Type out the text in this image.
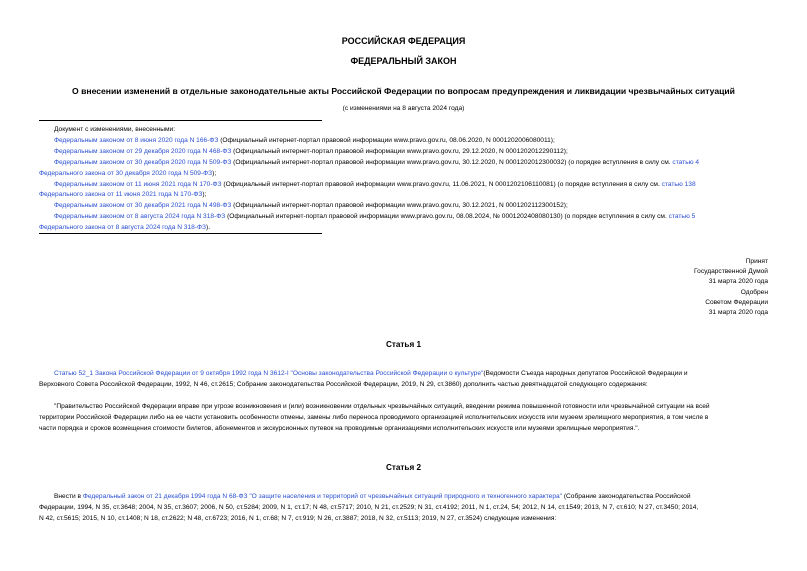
РОССИЙСКАЯ ФЕДЕРАЦИЯ
ФЕДЕРАЛЬНЫЙ ЗАКОН
О внесении изменений в отдельные законодательные акты Российской Федерации по вопросам предупреждения и ликвидации чрезвычайных ситуаций
(с изменениями на 8 августа 2024 года)
Документ с изменениями, внесенными:
Федеральным законом от 8 июня 2020 года N 166-ФЗ (Официальный интернет-портал правовой информации www.pravo.gov.ru, 08.06.2020, N 0001202006080011);
Федеральным законом от 29 декабря 2020 года N 468-ФЗ (Официальный интернет-портал правовой информации www.pravo.gov.ru, 29.12.2020, N 0001202012290112);
Федеральным законом от 30 декабря 2020 года N 509-ФЗ (Официальный интернет-портал правовой информации www.pravo.gov.ru, 30.12.2020, N 0001202012300032) (о порядке вступления в силу см. статью 4
Федерального закона от 30 декабря 2020 года N 509-ФЗ);
Федеральным законом от 11 июня 2021 года N 170-ФЗ (Официальный интернет-портал правовой информации www.pravo.gov.ru, 11.06.2021, N 0001202106110081) (о порядке вступления в силу см. статью 138
Федерального закона от 11 июня 2021 года N 170-ФЗ);
Федеральным законом от 30 декабря 2021 года N 498-ФЗ (Официальный интернет-портал правовой информации www.pravo.gov.ru, 30.12.2021, N 0001202112300152);
Федеральным законом от 8 августа 2024 года N 318-ФЗ (Официальный интернет-портал правовой информации www.pravo.gov.ru, 08.08.2024, № 0001202408080130) (о порядке вступления в силу см. статью 5
Федерального закона от 8 августа 2024 года N 318-ФЗ).
Принят
Государственной Думой
31 марта 2020 года
Одобрен
Советом Федерации
31 марта 2020 года
Статья 1
Статью 52_1 Закона Российской Федерации от 9 октября 1992 года N 3612-I "Основы законодательства Российской Федерации о культуре"(Ведомости Съезда народных депутатов Российской Федерации и
Верховного Совета Российской Федерации, 1992, N 46, ст.2615; Собрание законодательства Российской Федерации, 2019, N 29, ст.3860) дополнить частью девятнадцатой следующего содержания:
"Правительство Российской Федерации вправе при угрозе возникновения и (или) возникновении отдельных чрезвычайных ситуаций, введении режима повышенной готовности или чрезвычайной ситуации на всей
территории Российской Федерации либо на ее части установить особенности отмены, замены либо переноса проводимого организацией исполнительских искусств или музеем зрелищного мероприятия, в том числе в
части порядка и сроков возмещения стоимости билетов, абонементов и экскурсионных путевок на проводимые организациями исполнительских искусств или музеями зрелищные мероприятия.".
Статья 2
Внести в Федеральный закон от 21 декабря 1994 года N 68-ФЗ "О защите населения и территорий от чрезвычайных ситуаций природного и техногенного характера" (Собрание законодательства Российской
Федерации, 1994, N 35, ст.3648; 2004, N 35, ст.3607; 2006, N 50, ст.5284; 2009, N 1, ст.17; N 48, ст.5717; 2010, N 21, ст.2529; N 31, ст.4192; 2011, N 1, ст.24, 54; 2012, N 14, ст.1549; 2013, N 7, ст.610; N 27, ст.3450; 2014,
N 42, ст.5615; 2015, N 10, ст.1408; N 18, ст.2622; N 48, ст.6723; 2016, N 1, ст.68; N 7, ст.919; N 26, ст.3887; 2018, N 32, ст.5113; 2019, N 27, ст.3524) следующие изменения:
